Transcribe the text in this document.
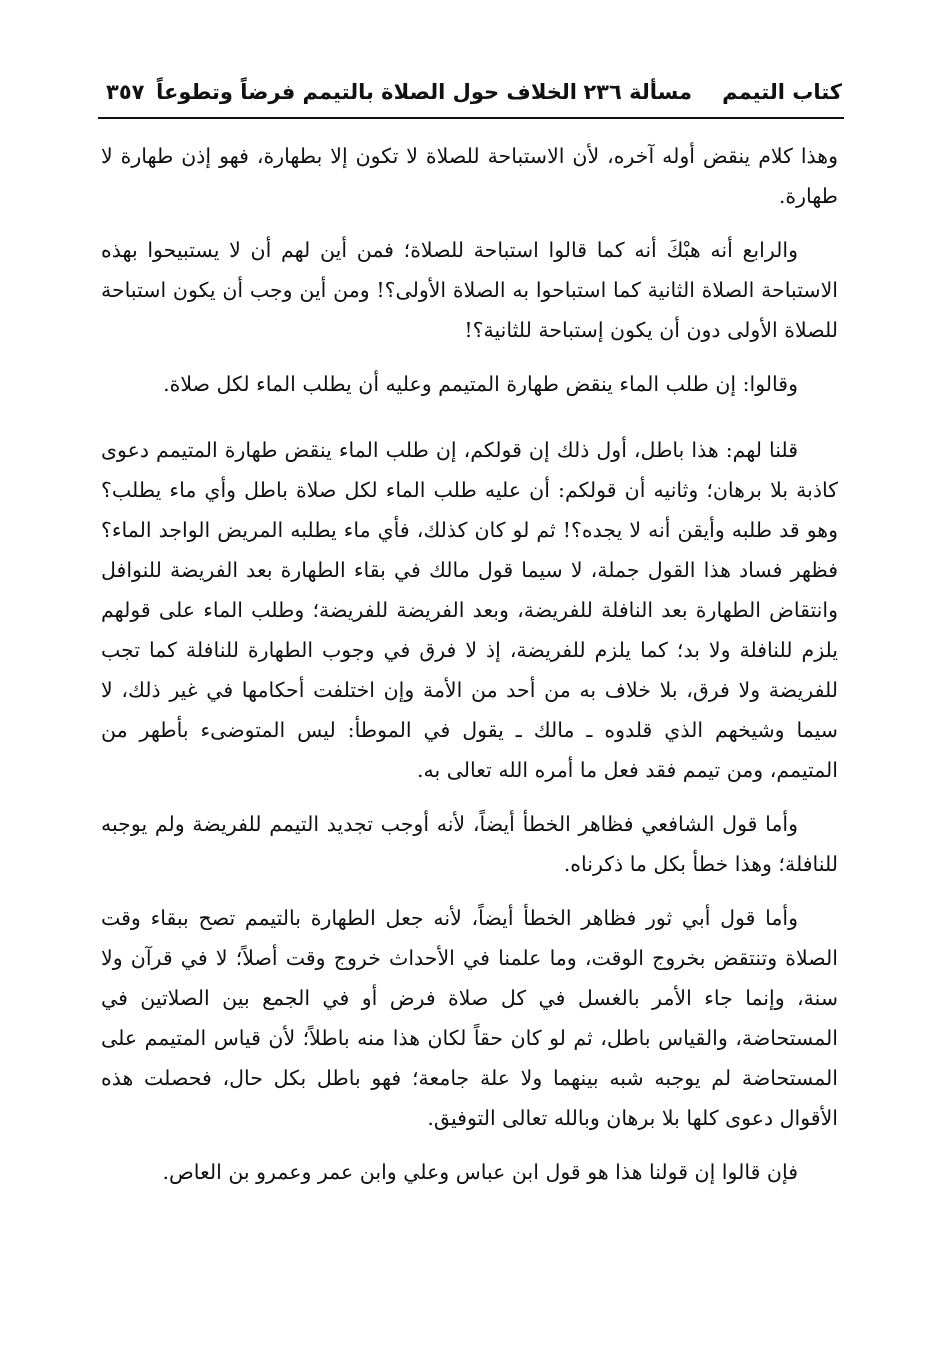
كتاب التيمم
مسألة ٢٣٦
الخلاف حول الصلاة بالتيمم فرضاً وتطوعاً
٣٥٧

وهذا كلام ينقض أوله آخره، لأن الاستباحة للصلاة لا تكون إلا بطهارة، فهو إذن طهارة لا طهارة.

والرابع أنه هبْكَ أنه كما قالوا استباحة للصلاة؛ فمن أين لهم أن لا يستبيحوا بهذه الاستباحة الصلاة الثانية كما استباحوا به الصلاة الأولى؟! ومن أين وجب أن يكون استباحة للصلاة الأولى دون أن يكون إستباحة للثانية؟!

وقالوا: إن طلب الماء ينقض طهارة المتيمم وعليه أن يطلب الماء لكل صلاة.

قلنا لهم: هذا باطل، أول ذلك إن قولكم، إن طلب الماء ينقض طهارة المتيمم دعوى كاذبة بلا برهان؛ وثانيه أن قولكم: أن عليه طلب الماء لكل صلاة باطل وأي ماء يطلب؟ وهو قد طلبه وأيقن أنه لا يجده؟! ثم لو كان كذلك، فأي ماء يطلبه المريض الواجد الماء؟ فظهر فساد هذا القول جملة، لا سيما قول مالك في بقاء الطهارة بعد الفريضة للنوافل وانتقاض الطهارة بعد النافلة للفريضة، وبعد الفريضة للفريضة؛ وطلب الماء على قولهم يلزم للنافلة ولا بد؛ كما يلزم للفريضة، إذ لا فرق في وجوب الطهارة للنافلة كما تجب للفريضة ولا فرق، بلا خلاف به من أحد من الأمة وإن اختلفت أحكامها في غير ذلك، لا سيما وشيخهم الذي قلدوه ـ مالك ـ يقول في الموطأ: ليس المتوضىء بأطهر من المتيمم، ومن تيمم فقد فعل ما أمره الله تعالى به.

وأما قول الشافعي فظاهر الخطأ أيضاً، لأنه أوجب تجديد التيمم للفريضة ولم يوجبه للنافلة؛ وهذا خطأ بكل ما ذكرناه.

وأما قول أبي ثور فظاهر الخطأ أيضاً، لأنه جعل الطهارة بالتيمم تصح ببقاء وقت الصلاة وتنتقض بخروج الوقت، وما علمنا في الأحداث خروج وقت أصلاً؛ لا في قرآن ولا سنة، وإنما جاء الأمر بالغسل في كل صلاة فرض أو في الجمع بين الصلاتين في المستحاضة، والقياس باطل، ثم لو كان حقاً لكان هذا منه باطلاً؛ لأن قياس المتيمم على المستحاضة لم يوجبه شبه بينهما ولا علة جامعة؛ فهو باطل بكل حال، فحصلت هذه الأقوال دعوى كلها بلا برهان وبالله تعالى التوفيق.

فإن قالوا إن قولنا هذا هو قول ابن عباس وعلي وابن عمر وعمرو بن العاص.
